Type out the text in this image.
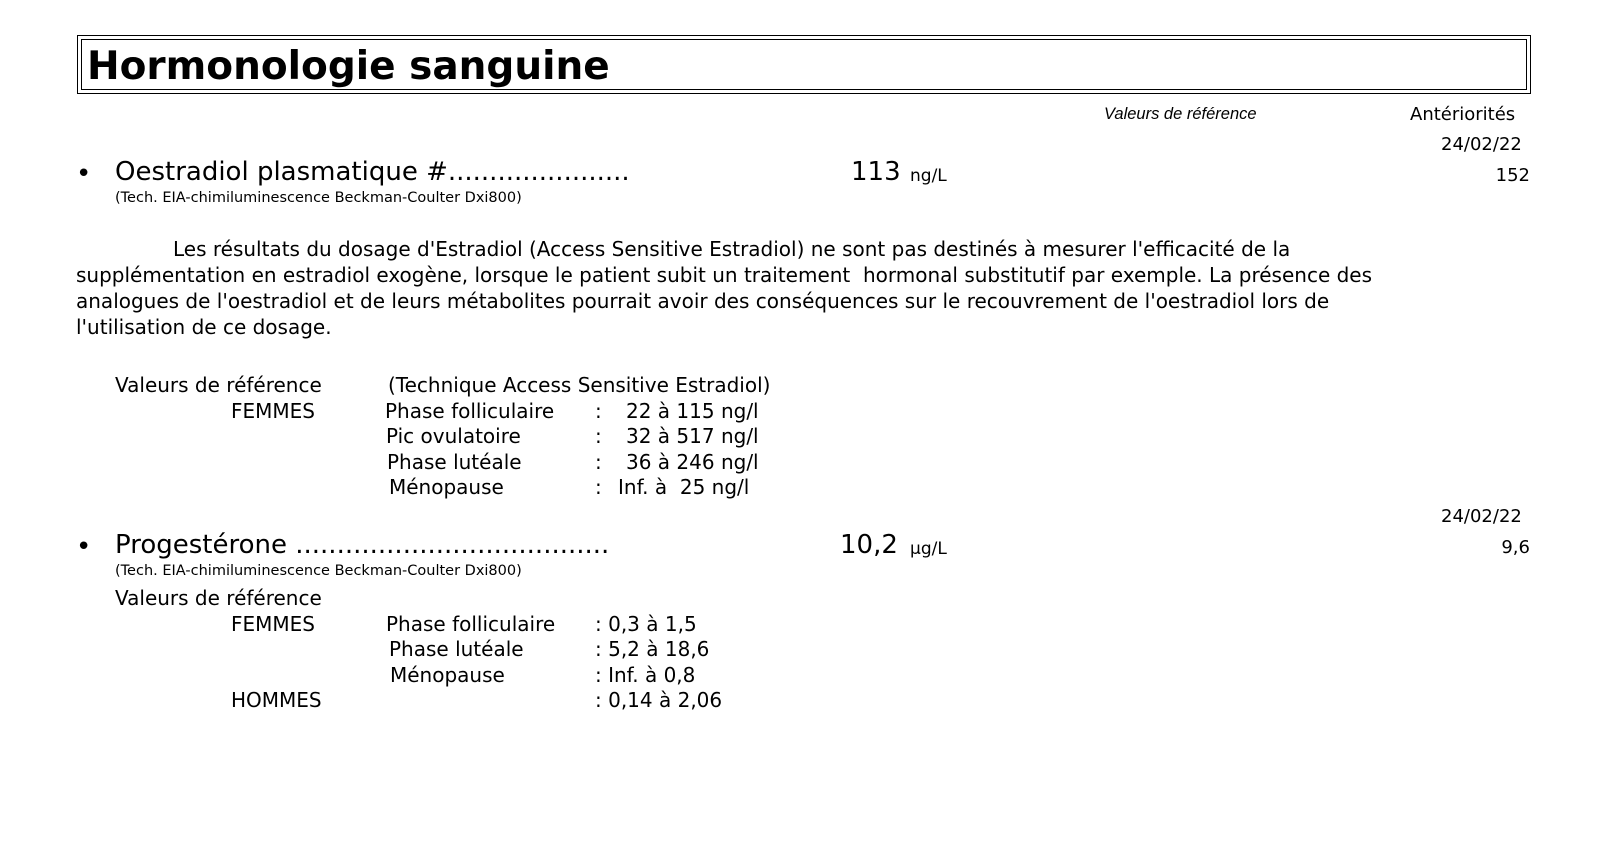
Hormonologie sanguine
Valeurs de référence	Antériorités
24/02/22
• Oestradiol plasmatique #......................	113 ng/L	152
(Tech. EIA-chimiluminescence Beckman-Coulter Dxi800)
Les résultats du dosage d'Estradiol (Access Sensitive Estradiol) ne sont pas destinés à mesurer l'efficacité de la
supplémentation en estradiol exogène, lorsque le patient subit un traitement  hormonal substitutif par exemple. La présence des
analogues de l'oestradiol et de leurs métabolites pourrait avoir des conséquences sur le recouvrement de l'oestradiol lors de
l'utilisation de ce dosage.
Valeurs de référence	(Technique Access Sensitive Estradiol)
FEMMES	Phase folliculaire : 22 à 115 ng/l
Pic ovulatoire	: 32 à 517 ng/l
Phase lutéale	: 36 à 246 ng/l
Ménopause	: Inf. à  25 ng/l
24/02/22
• Progestérone ......................................	10,2 µg/L	9,6
(Tech. EIA-chimiluminescence Beckman-Coulter Dxi800)
Valeurs de référence
FEMMES	Phase folliculaire : 0,3 à 1,5
Phase lutéale	: 5,2 à 18,6
Ménopause	: Inf. à 0,8
HOMMES	: 0,14 à 2,06
